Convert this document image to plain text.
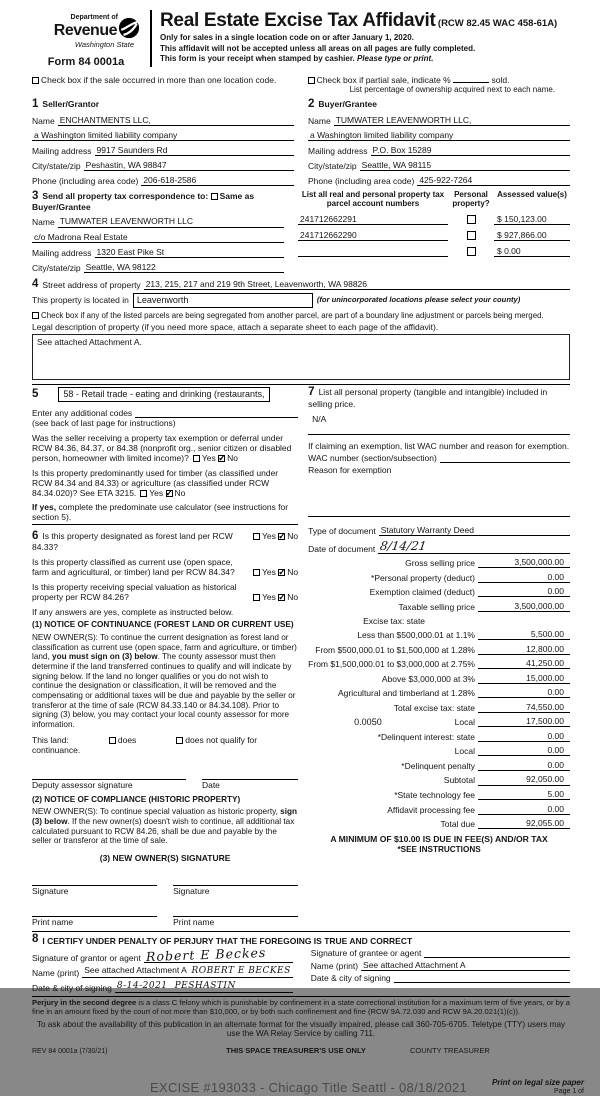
Department of
Revenue
Washington State
Form 84 0001a
Real Estate Excise Tax Affidavit (RCW 82.45 WAC 458-61A)
Only for sales in a single location code on or after January 1, 2020.
This affidavit will not be accepted unless all areas on all pages are fully completed.
This form is your receipt when stamped by cashier. Please type or print.
Check box if the sale occurred in more than one location code.	Check box if partial sale, indicate %	sold.
List percentage of ownership acquired next to each name.
1 Seller/Grantor
Name ENCHANTMENTS LLC,
a Washington limited liability company
Mailing address 9917 Saunders Rd
City/state/zip Peshastin, WA 98847
Phone (including area code) 206-618-2586
2 Buyer/Grantee
Name TUMWATER LEAVENWORTH LLC,
a Washington limited liability company
Mailing address P.O. Box 15289
City/state/zip Seattle, WA 98115
Phone (including area code) 425-922-7264
3 Send all property tax correspondence to: Same as Buyer/Grantee
Name TUMWATER LEAVENWORTH LLC
c/o Madrona Real Estate
Mailing address 1320 East Pike St
City/state/zip Seattle, WA 98122
List all real and personal property tax parcel account numbers
Personal property?
Assessed value(s)
241712662291	$ 150,123.00
241712662290	$ 927,866.00
$ 0.00
4 Street address of property 213, 215, 217 and 219 9th Street, Leavenworth, WA 98826
This property is located in Leavenworth	(for unincorporated locations please select your county)
Check box if any of the listed parcels are being segregated from another parcel, are part of a boundary line adjustment or parcels being merged.
Legal description of property (if you need more space, attach a separate sheet to each page of the affidavit).
See attached Attachment A.
5	58 - Retail trade - eating and drinking (restaurants,
Enter any additional codes
(see back of last page for instructions)
Was the seller receiving a property tax exemption or deferral under RCW 84.36, 84.37, or 84.38 (nonprofit org., senior citizen or disabled person, homeowner with limited income)? Yes ✓ No
Is this property predominantly used for timber (as classified under RCW 84.34 and 84.33) or agriculture (as classified under RCW 84.34.020)? See ETA 3215. Yes ✓ No
If yes, complete the predominate use calculator (see instructions for section 5).
6 Is this property designated as forest land per RCW 84.33?
Yes ✓ No
Is this property classified as current use (open space, farm and agricultural, or timber) land per RCW 84.34?	Yes ✓ No
Is this property receiving special valuation as historical property per RCW 84.26?	Yes ✓ No
If any answers are yes, complete as instructed below.
(1) NOTICE OF CONTINUANCE (FOREST LAND OR CURRENT USE)
NEW OWNER(S): To continue the current designation as forest land or classification as current use (open space, farm and agriculture, or timber) land, you must sign on (3) below. The county assessor must then determine if the land transferred continues to qualify and will indicate by signing below. If the land no longer qualifies or you do not wish to continue the designation or classification, it will be removed and the compensating or additional taxes will be due and payable by the seller or transferor at the time of sale (RCW 84.33.140 or 84.34.108). Prior to signing (3) below, you may contact your local county assessor for more information.
This land:	does	does not qualify for
continuance.
Deputy assessor signature	Date
(2) NOTICE OF COMPLIANCE (HISTORIC PROPERTY)
NEW OWNER(S): To continue special valuation as historic property, sign (3) below. If the new owner(s) doesn't wish to continue, all additional tax calculated pursuant to RCW 84.26, shall be due and payable by the seller or transferor at the time of sale.
(3) NEW OWNER(S) SIGNATURE
Signature	Signature
Print name	Print name
7 List all personal property (tangible and intangible) included in selling price.
N/A
If claiming an exemption, list WAC number and reason for exemption.
WAC number (section/subsection)
Reason for exemption
Type of document Statutory Warranty Deed
Date of document 8/14/21
Gross selling price	3,500,000.00
*Personal property (deduct)	0.00
Exemption claimed (deduct)	0.00
Taxable selling price	3,500,000.00
Excise tax: state
Less than $500,000.01 at 1.1%	5,500.00
From $500,000.01 to $1,500,000 at 1.28%	12,800.00
From $1,500,000.01 to $3,000,000 at 2.75%	41,250.00
Above $3,000,000 at 3%	15,000.00
Agricultural and timberland at 1.28%	0.00
Total excise tax: state	74,550.00
0.0050	Local	17,500.00
*Delinquent interest: state	0.00
Local	0.00
*Delinquent penalty	0.00
Subtotal	92,050.00
*State technology fee	5.00
Affidavit processing fee	0.00
Total due	92,055.00
A MINIMUM OF $10.00 IS DUE IN FEE(S) AND/OR TAX
*SEE INSTRUCTIONS
8 I CERTIFY UNDER PENALTY OF PERJURY THAT THE FOREGOING IS TRUE AND CORRECT
Signature of grantor or agent Robert E Beckes
Name (print) See attached Attachment A ROBERT E BECKES
Date & city of signing 8-14-2021 PESHASTIN
Signature of grantee or agent
Name (print) See attached Attachment A
Date & city of signing
Perjury in the second degree is a class C felony which is punishable by confinement in a state correctional institution for a maximum term of five years, or by a fine in an amount fixed by the court of not more than $10,000, or by both such confinement and fine (RCW 9A.72.030 and RCW 9A.20.021(1)(c)).
To ask about the availability of this publication in an alternate format for the visually impaired, please call 360-705-6705. Teletype (TTY) users may use the WA Relay Service by calling 711.
REV 84 0001a (7/30/21)	THIS SPACE TREASURER'S USE ONLY	COUNTY TREASURER
EXCISE #193033 - Chicago Title Seattl - 08/18/2021	Print on legal size paper
Page 1 of
